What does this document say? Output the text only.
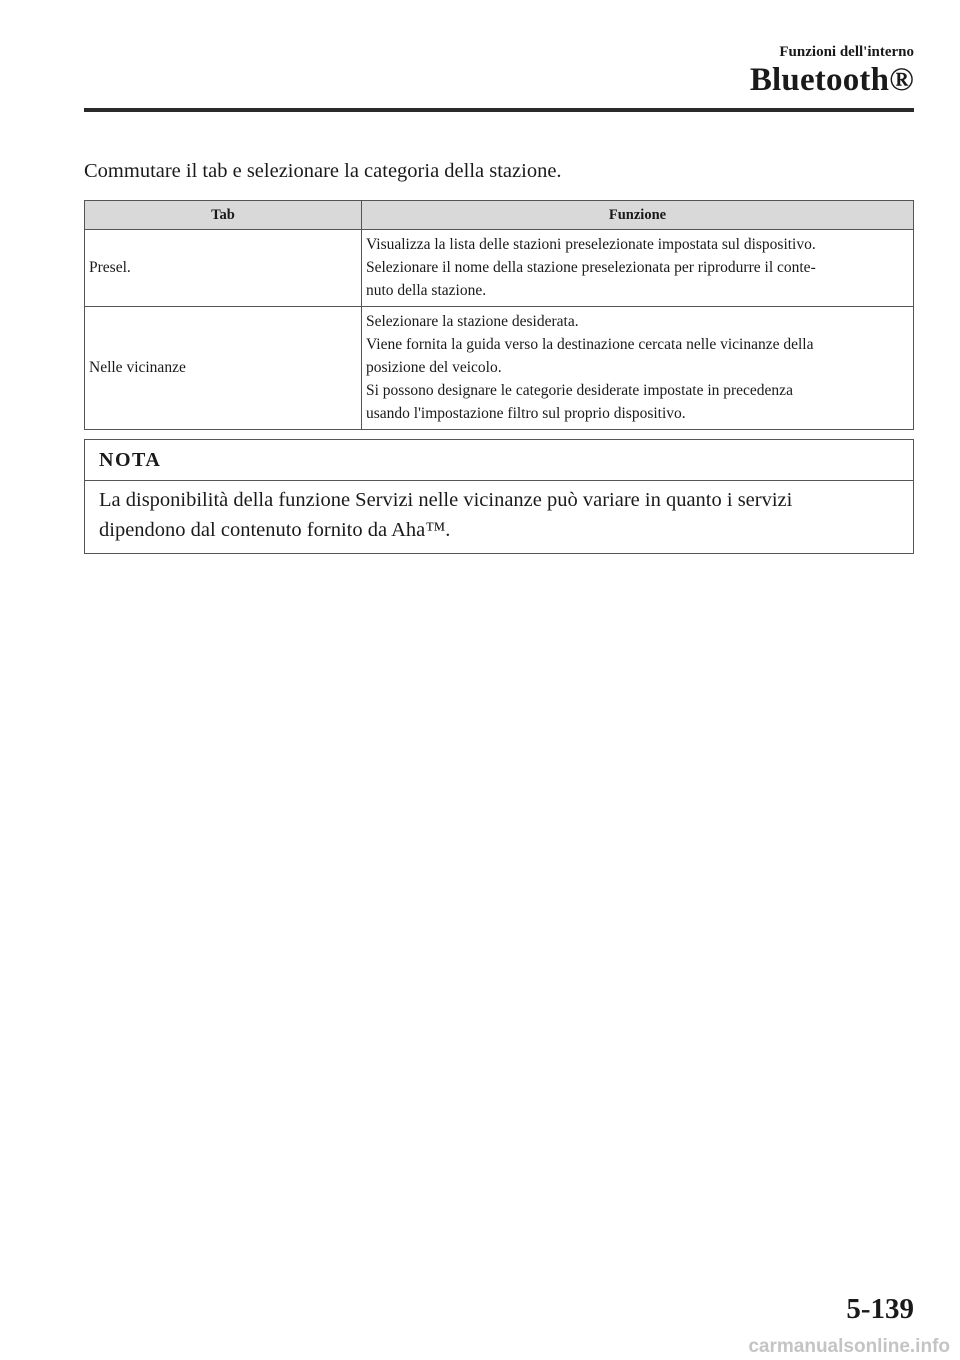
Funzioni dell'interno
Bluetooth®
Commutare il tab e selezionare la categoria della stazione.
Tab	Funzione
Presel.	Visualizza la lista delle stazioni preselezionate impostata sul dispositivo.
Selezionare il nome della stazione preselezionata per riprodurre il conte-
nuto della stazione.

Nelle vicinanze	Selezionare la stazione desiderata.
Viene fornita la guida verso la destinazione cercata nelle vicinanze della
posizione del veicolo.
Si possono designare le categorie desiderate impostate in precedenza
usando l'impostazione filtro sul proprio dispositivo.
NOTA
La disponibilità della funzione Servizi nelle vicinanze può variare in quanto i servizi
dipendono dal contenuto fornito da Aha™.
5-139
carmanualsonline.info
